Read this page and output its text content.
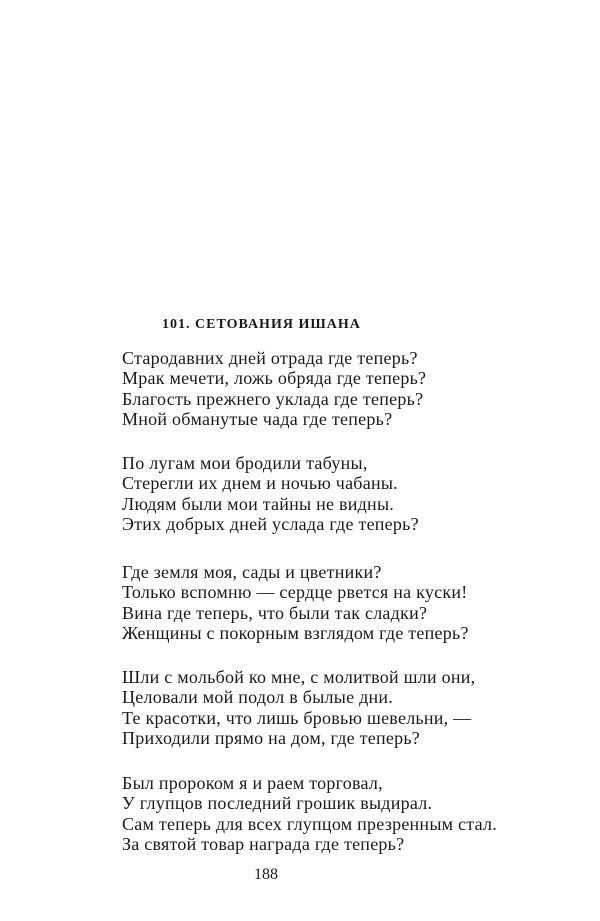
101. СЕТОВАНИЯ ИШАНА
Стародавних дней отрада где теперь?
Мрак мечети, ложь обряда где теперь?
Благость прежнего уклада где теперь?
Мной обманутые чада где теперь?
По лугам мои бродили табуны,
Стерегли их днем и ночью чабаны.
Людям были мои тайны не видны.
Этих добрых дней услада где теперь?
Где земля моя, сады и цветники?
Только вспомню — сердце рвется на куски!
Вина где теперь, что были так сладки?
Женщины с покорным взглядом где теперь?
Шли с мольбой ко мне, с молитвой шли они,
Целовали мой подол в былые дни.
Те красотки, что лишь бровью шевельни, —
Приходили прямо на дом, где теперь?
Был пророком я и раем торговал,
У глупцов последний грошик выдирал.
Сам теперь для всех глупцом презренным стал.
За святой товар награда где теперь?
188
